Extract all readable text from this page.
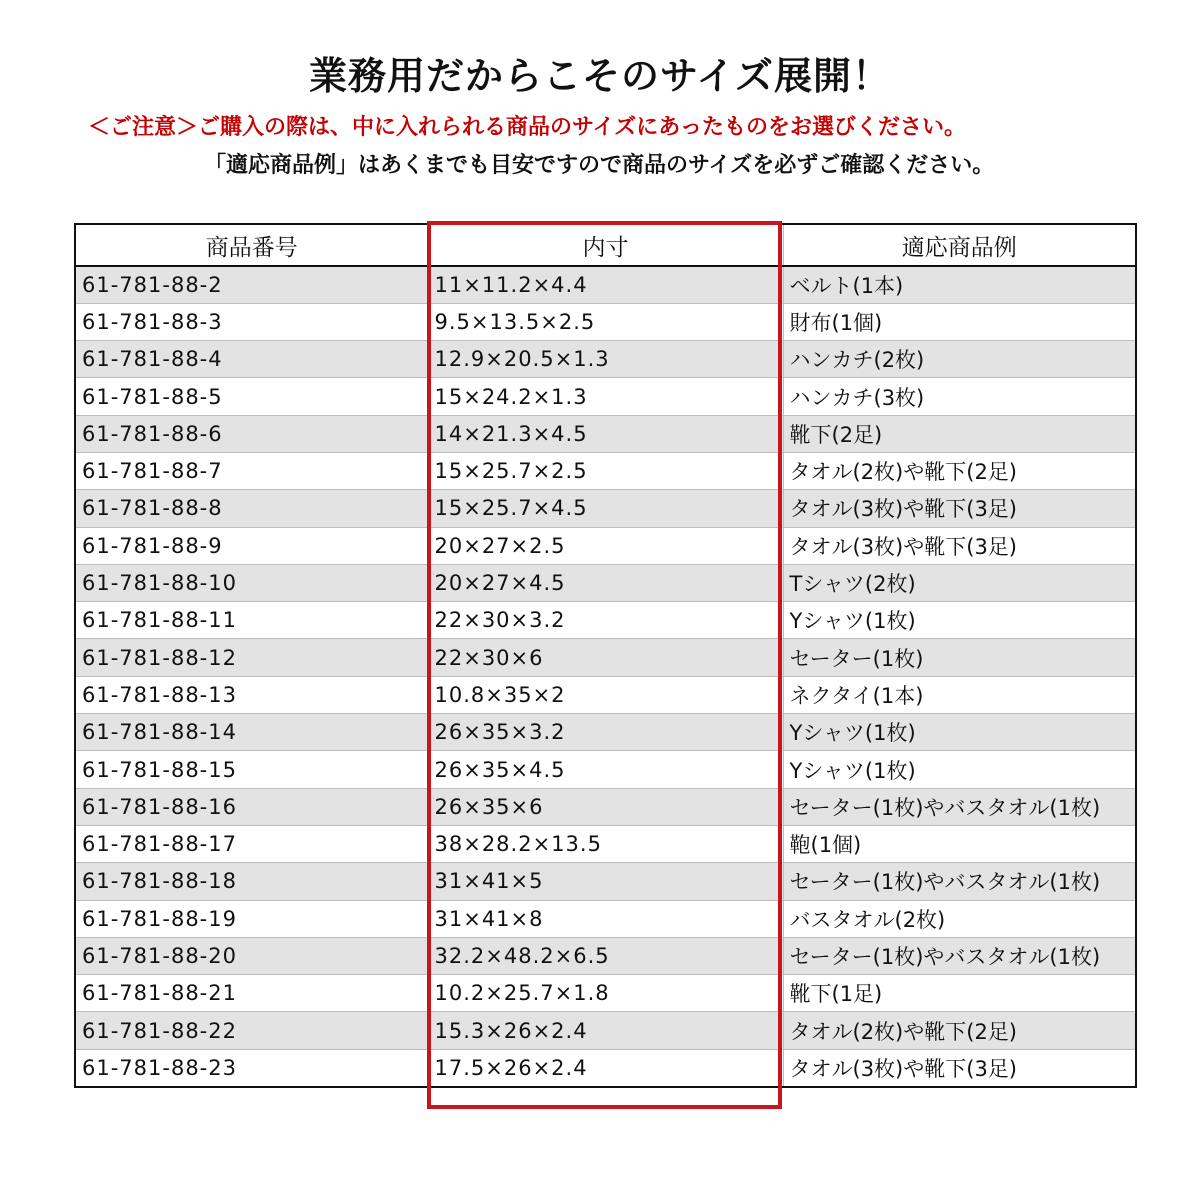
業務用だからこそのサイズ展開！
＜ご注意＞ご購入の際は、中に入れられる商品のサイズにあったものをお選びください。
「適応商品例」はあくまでも目安ですので商品のサイズを必ずご確認ください。
商品番号	内寸	適応商品例
61-781-88-2	11×11.2×4.4	ベルト(1本)
61-781-88-3	9.5×13.5×2.5	財布(1個)
61-781-88-4	12.9×20.5×1.3	ハンカチ(2枚)
61-781-88-5	15×24.2×1.3	ハンカチ(3枚)
61-781-88-6	14×21.3×4.5	靴下(2足)
61-781-88-7	15×25.7×2.5	タオル(2枚)や靴下(2足)
61-781-88-8	15×25.7×4.5	タオル(3枚)や靴下(3足)
61-781-88-9	20×27×2.5	タオル(3枚)や靴下(3足)
61-781-88-10	20×27×4.5	Tシャツ(2枚)
61-781-88-11	22×30×3.2	Yシャツ(1枚)
61-781-88-12	22×30×6	セーター(1枚)
61-781-88-13	10.8×35×2	ネクタイ(1本)
61-781-88-14	26×35×3.2	Yシャツ(1枚)
61-781-88-15	26×35×4.5	Yシャツ(1枚)
61-781-88-16	26×35×6	セーター(1枚)やバスタオル(1枚)
61-781-88-17	38×28.2×13.5	鞄(1個)
61-781-88-18	31×41×5	セーター(1枚)やバスタオル(1枚)
61-781-88-19	31×41×8	バスタオル(2枚)
61-781-88-20	32.2×48.2×6.5	セーター(1枚)やバスタオル(1枚)
61-781-88-21	10.2×25.7×1.8	靴下(1足)
61-781-88-22	15.3×26×2.4	タオル(2枚)や靴下(2足)
61-781-88-23	17.5×26×2.4	タオル(3枚)や靴下(3足)
